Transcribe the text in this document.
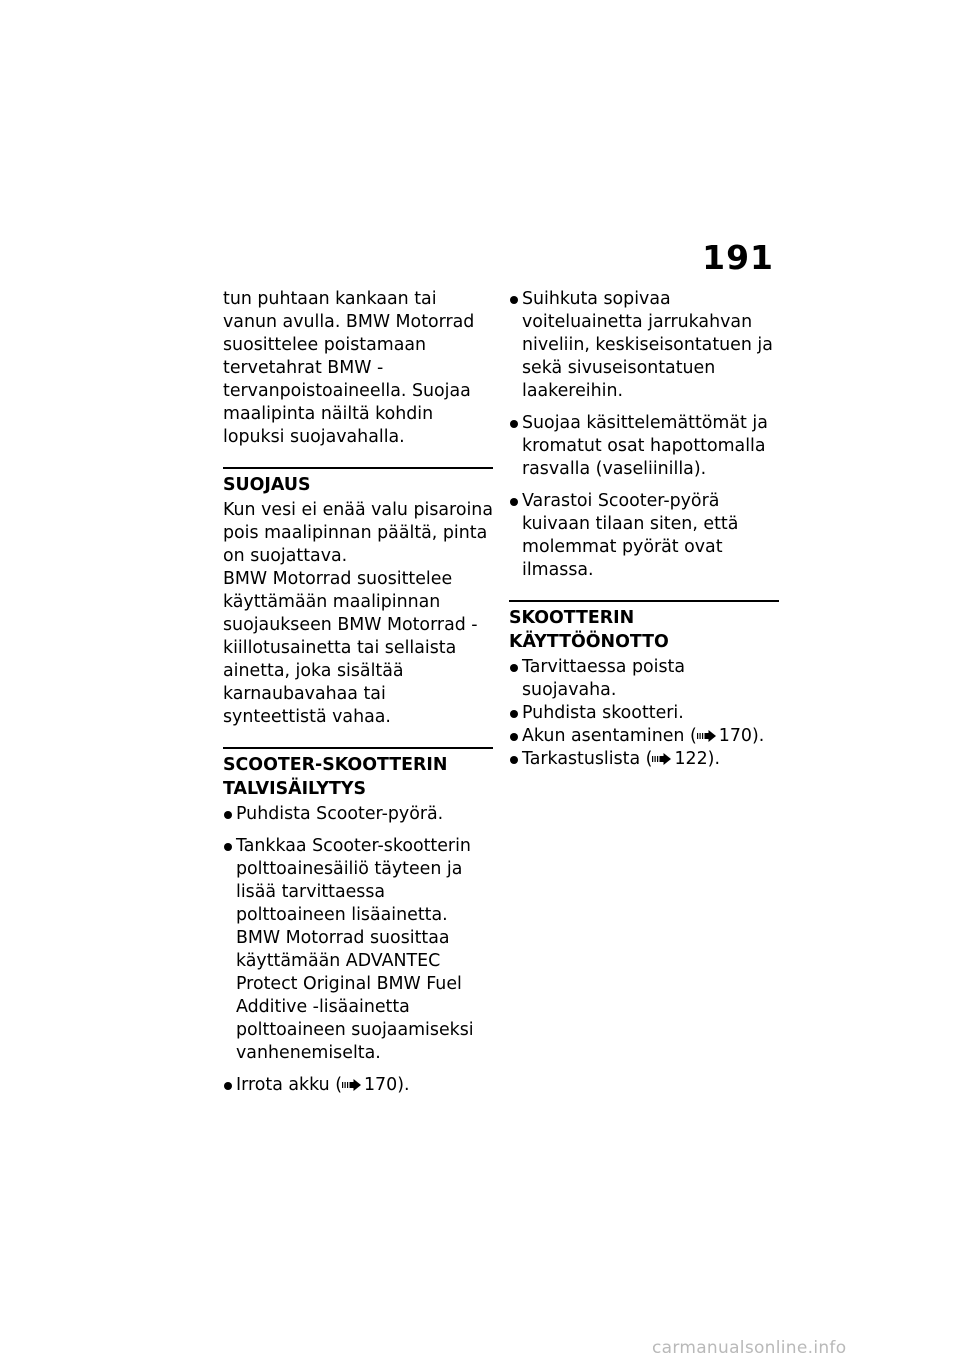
191

tun puhtaan kankaan tai vanun avulla. BMW Motorrad suosittelee poistamaan tervetahrat BMW -tervanpoistoaineella. Suojaa maalipinta näiltä kohdin lopuksi suojavahalla.

SUOJAUS

Kun vesi ei enää valu pisaroina pois maalipinnan päältä, pinta on suojattava.

BMW Motorrad suosittelee käyttämään maalipinnan suojaukseen BMW Motorrad -kiillotusainetta tai sellaista ainetta, joka sisältää karnaubavahaa tai synteettistä vahaa.

SCOOTER-SKOOTTERIN TALVISÄILYTYS
Puhdista Scooter-pyörä.
Tankkaa Scooter-skootterin polttoainesäiliö täyteen ja lisää tarvittaessa polttoaineen lisäainetta. BMW Motorrad suosittaa käyttämään ADVANTEC Protect Original BMW Fuel Additive -lisäainetta polttoaineen suojaamiseksi vanhenemiselta.
Irrota akku ( 170).
Suihkuta sopivaa voiteluainetta jarrukahvan niveliin, keskiseisontatuen ja sekä sivuseisontatuen laakereihin.
Suojaa käsittelemättömät ja kromatut osat hapottomalla rasvalla (vaseliinilla).
Varastoi Scooter-pyörä kuivaan tilaan siten, että molemmat pyörät ovat ilmassa.
SKOOTTERIN KÄYTTÖÖNOTTO
Tarvittaessa poista suojavaha.
Puhdista skootteri.
Akun asentaminen ( 170).
Tarkastuslista ( 122).
carmanualsonline.info
